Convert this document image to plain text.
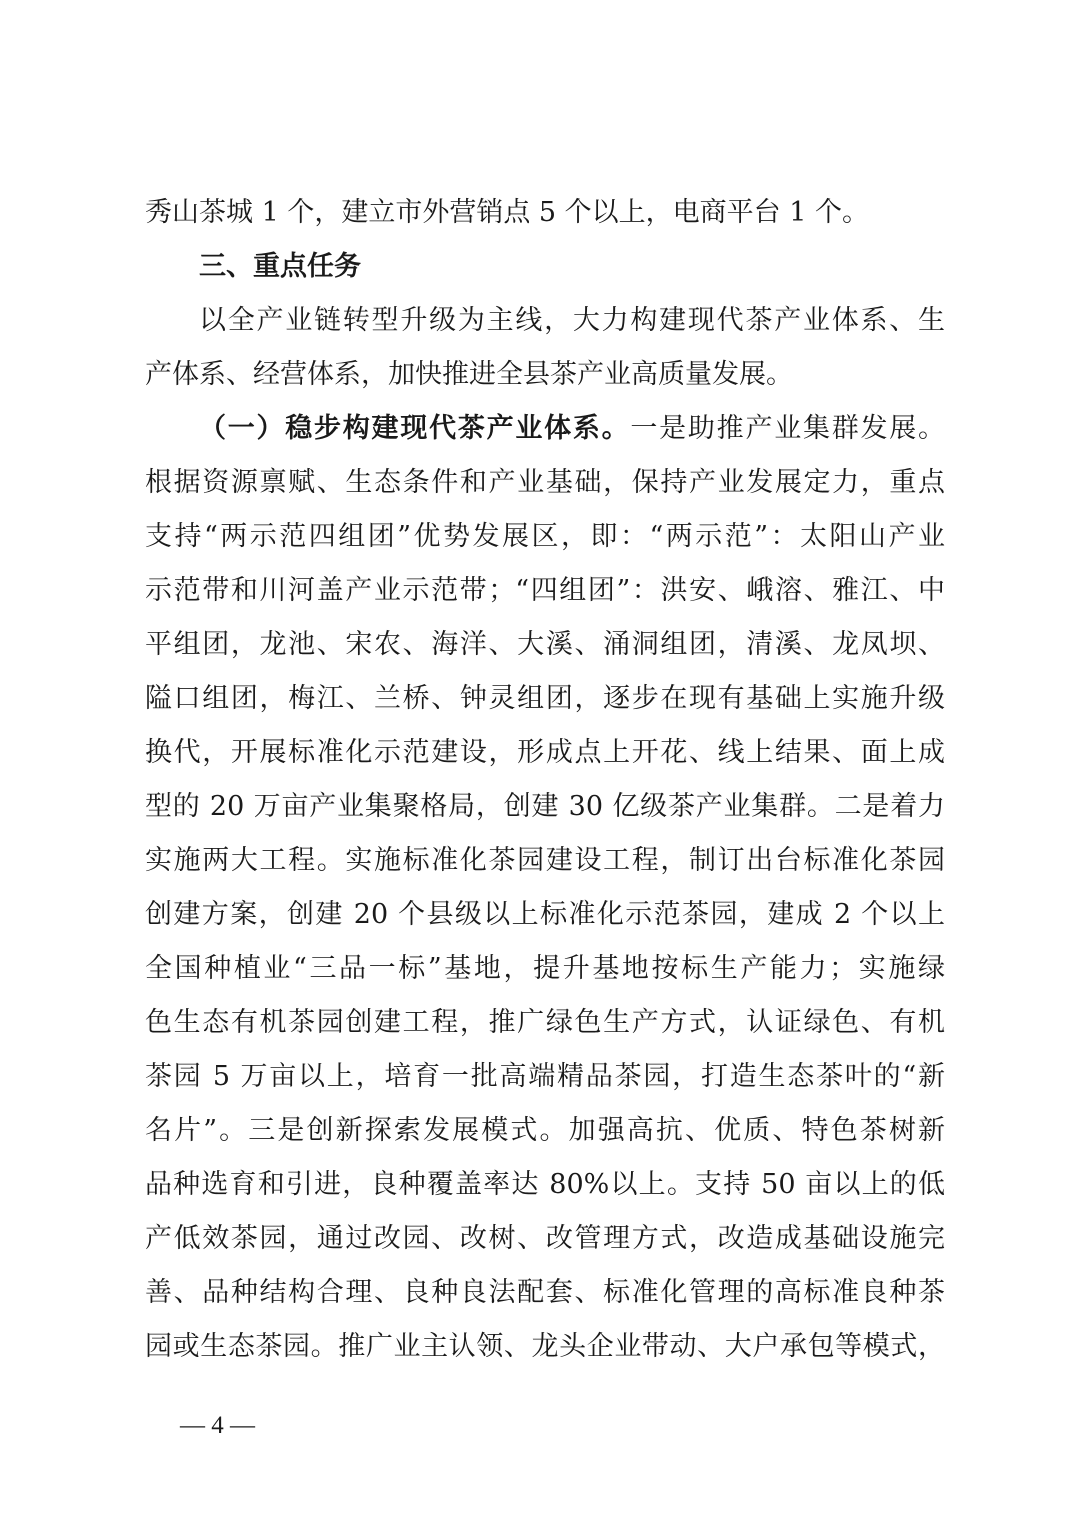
秀山茶城 1 个，建立市外营销点 5 个以上，电商平台 1 个。
三、重点任务
以全产业链转型升级为主线，大力构建现代茶产业体系、生
产体系、经营体系，加快推进全县茶产业高质量发展。
（一）稳步构建现代茶产业体系。一是助推产业集群发展。
根据资源禀赋、生态条件和产业基础，保持产业发展定力，重点
支持“两示范四组团”优势发展区，即：“两示范”：太阳山产业
示范带和川河盖产业示范带；“四组团”：洪安、峨溶、雅江、中
平组团，龙池、宋农、海洋、大溪、涌洞组团，清溪、龙凤坝、
隘口组团，梅江、兰桥、钟灵组团，逐步在现有基础上实施升级
换代，开展标准化示范建设，形成点上开花、线上结果、面上成
型的 20 万亩产业集聚格局，创建 30 亿级茶产业集群。二是着力
实施两大工程。实施标准化茶园建设工程，制订出台标准化茶园
创建方案，创建 20 个县级以上标准化示范茶园，建成 2 个以上
全国种植业“三品一标”基地，提升基地按标生产能力；实施绿
色生态有机茶园创建工程，推广绿色生产方式，认证绿色、有机
茶园 5 万亩以上，培育一批高端精品茶园，打造生态茶叶的“新
名片”。三是创新探索发展模式。加强高抗、优质、特色茶树新
品种选育和引进，良种覆盖率达 80%以上。支持 50 亩以上的低
产低效茶园，通过改园、改树、改管理方式，改造成基础设施完
善、品种结构合理、良种良法配套、标准化管理的高标准良种茶
园或生态茶园。推广业主认领、龙头企业带动、大户承包等模式，
— 4 —
